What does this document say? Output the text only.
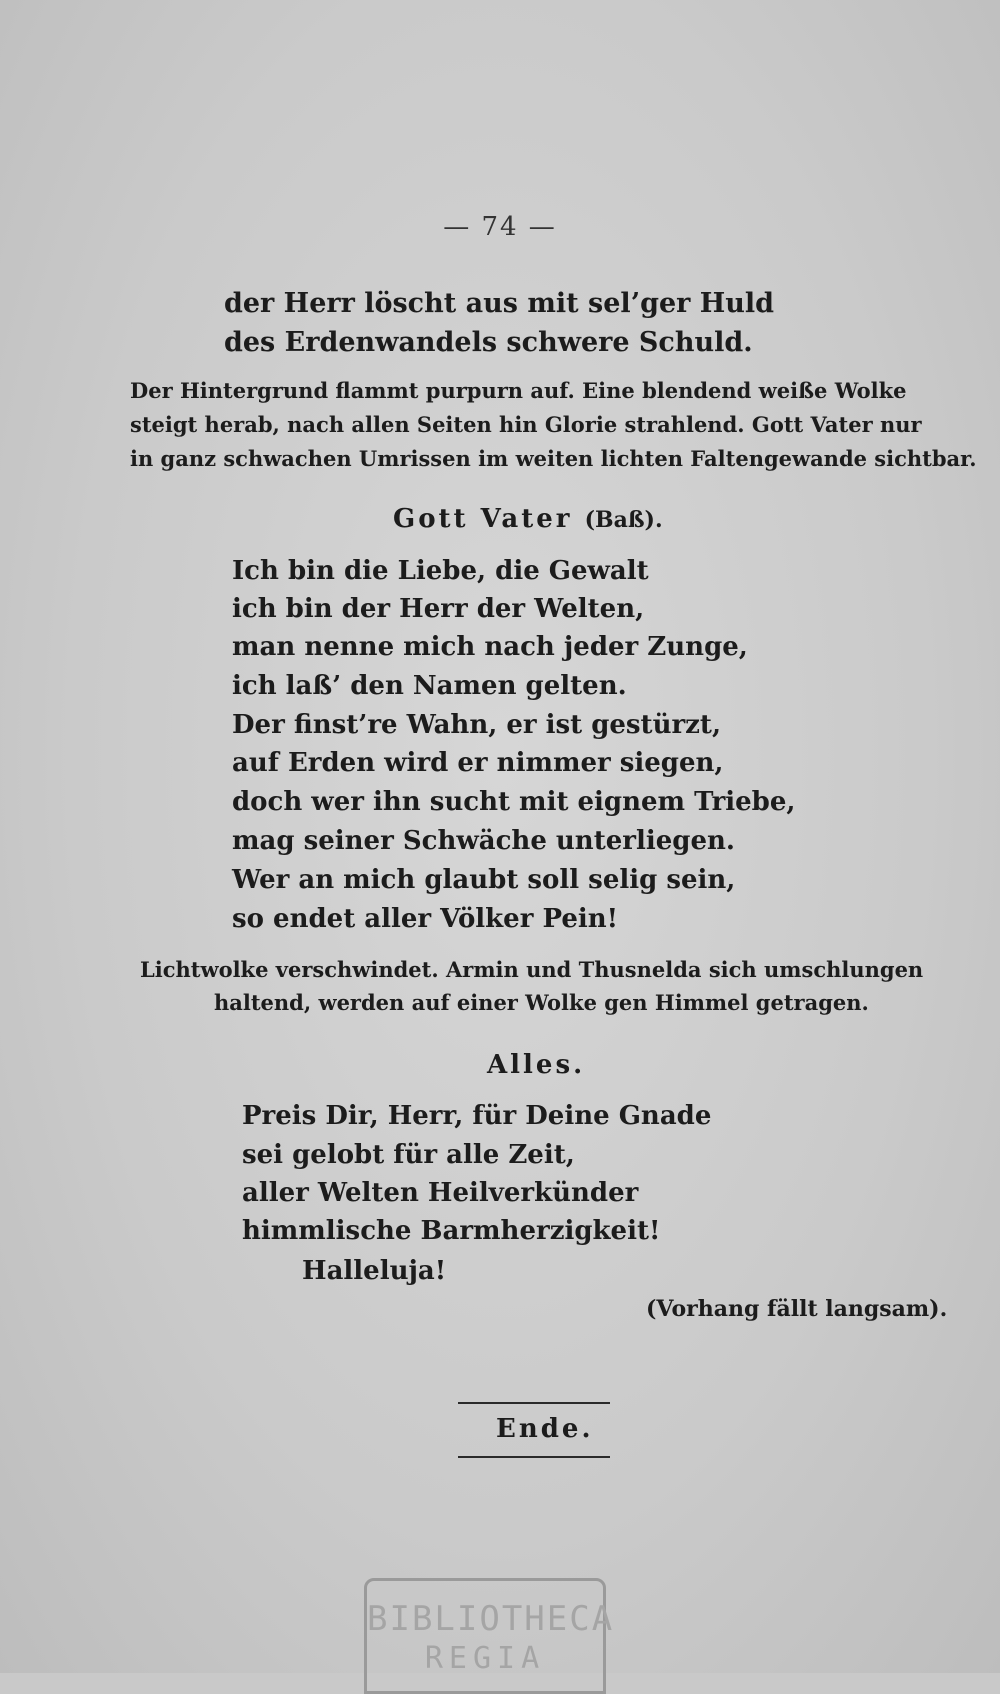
— 74 —
der Herr löscht aus mit sel’ger Huld
des Erdenwandels schwere Schuld.
Der Hintergrund flammt purpurn auf. Eine blendend weiße Wolke
steigt herab, nach allen Seiten hin Glorie strahlend. Gott Vater nur
in ganz schwachen Umrissen im weiten lichten Faltengewande sichtbar.
Gott Vater (Baß).
Ich bin die Liebe, die Gewalt
ich bin der Herr der Welten,
man nenne mich nach jeder Zunge,
ich laß’ den Namen gelten.
Der finst’re Wahn, er ist gestürzt,
auf Erden wird er nimmer siegen,
doch wer ihn sucht mit eignem Triebe,
mag seiner Schwäche unterliegen.
Wer an mich glaubt soll selig sein,
so endet aller Völker Pein!
Lichtwolke verschwindet. Armin und Thusnelda sich umschlungen
haltend, werden auf einer Wolke gen Himmel getragen.
Alles.
Preis Dir, Herr, für Deine Gnade
sei gelobt für alle Zeit,
aller Welten Heilverkünder
himmlische Barmherzigkeit!
Halleluja!
(Vorhang fällt langsam).
Ende.
BIBLIOTHECA
REGIA
